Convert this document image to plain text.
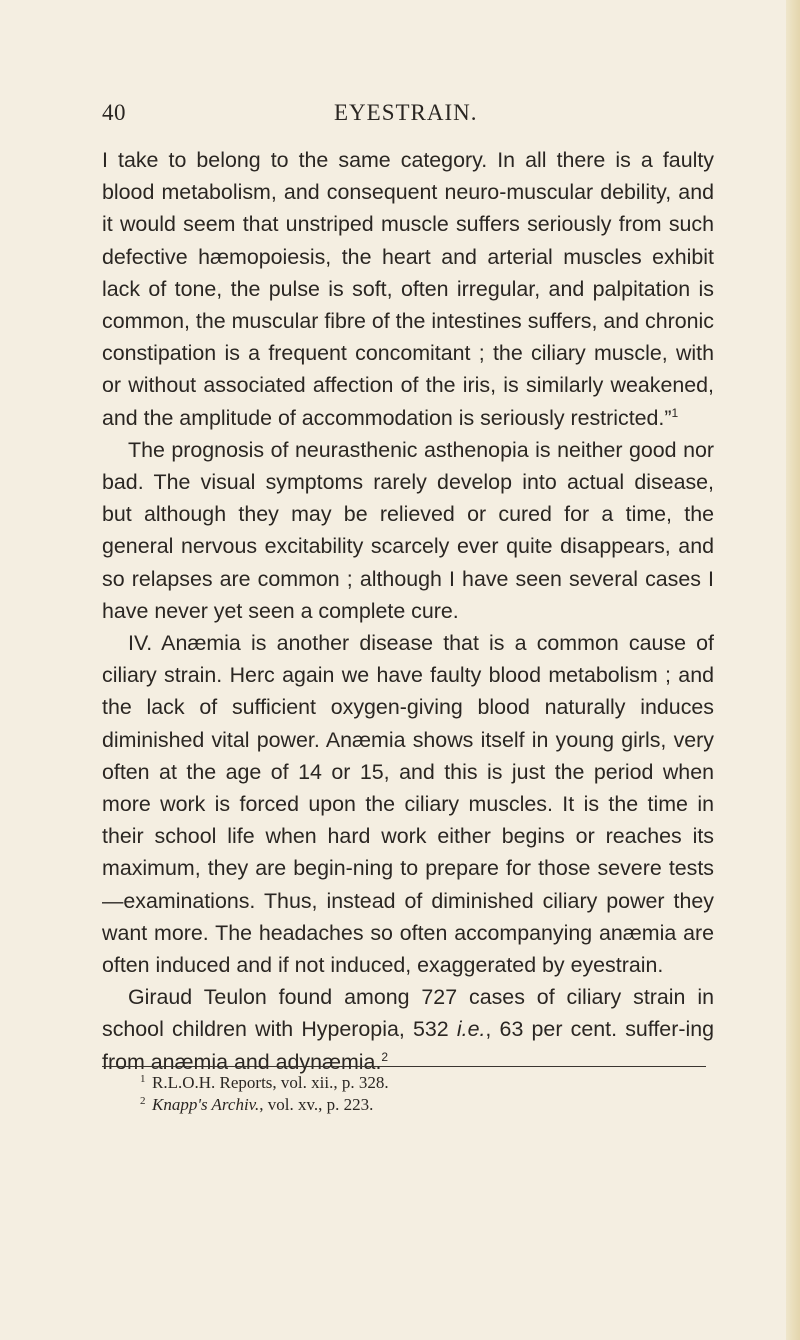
40	EYESTRAIN.

I take to belong to the same category. In all there is a faulty blood metabolism, and consequent neuro-muscular debility, and it would seem that unstriped muscle suffers seriously from such defective hæmopoiesis, the heart and arterial muscles exhibit lack of tone, the pulse is soft, often irregular, and palpitation is common, the muscular fibre of the intestines suffers, and chronic constipation is a frequent concomitant ; the ciliary muscle, with or without associated affection of the iris, is similarly weakened, and the amplitude of accommodation is seriously restricted.”$^1$

The prognosis of neurasthenic asthenopia is neither good nor bad. The visual symptoms rarely develop into actual disease, but although they may be relieved or cured for a time, the general nervous excitability scarcely ever quite disappears, and so relapses are common ; although I have seen several cases I have never yet seen a complete cure.

IV. Anæmia is another disease that is a common cause of ciliary strain. Herc again we have faulty blood metabolism ; and the lack of sufficient oxygen-giving blood naturally induces diminished vital power. Anæmia shows itself in young girls, very often at the age of 14 or 15, and this is just the period when more work is forced upon the ciliary muscles. It is the time in their school life when hard work either begins or reaches its maximum, they are begin-ning to prepare for those severe tests—examinations. Thus, instead of diminished ciliary power they want more. The headaches so often accompanying anæmia are often induced and if not induced, exaggerated by eyestrain.

Giraud Teulon found among 727 cases of ciliary strain in school children with Hyperopia, 532 i.e., 63 per cent. suffer-ing from anæmia and adynæmia.$^2$

1 R.L.O.H. Reports, vol. xii., p. 328.
2 Knapp's Archiv., vol. xv., p. 223.
